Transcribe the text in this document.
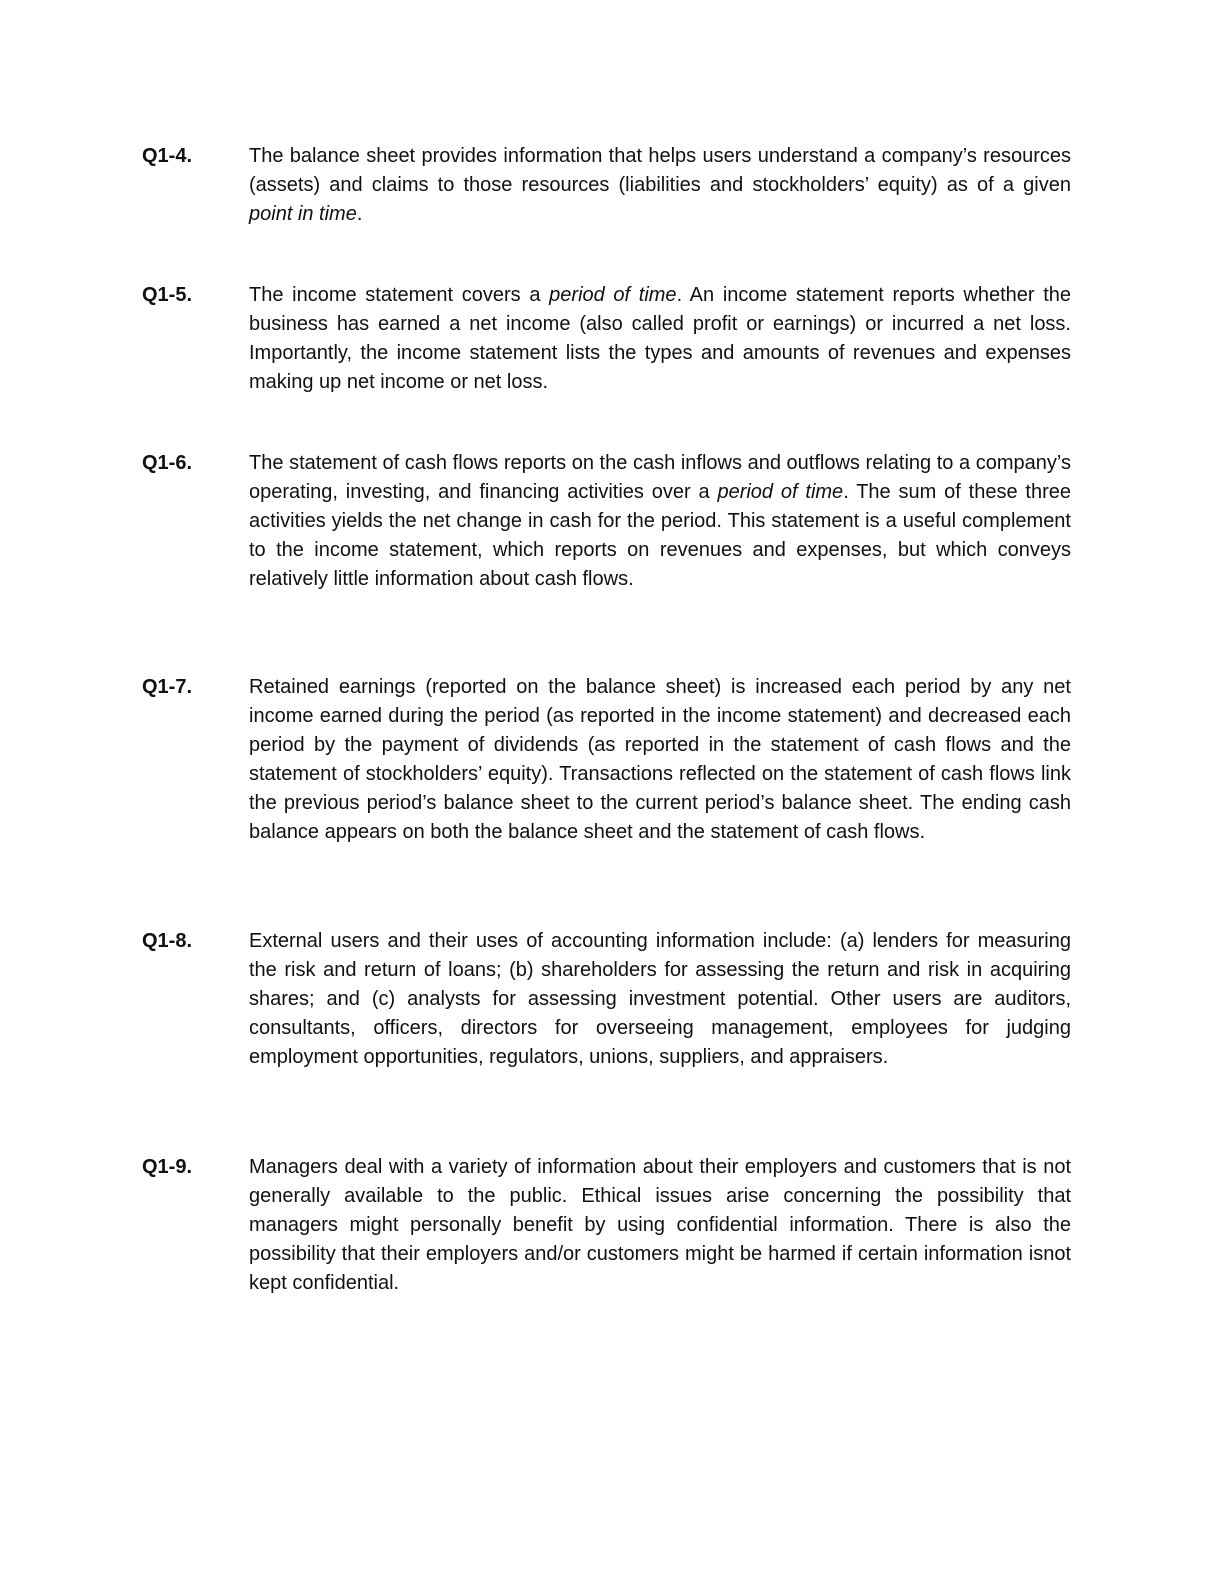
Q1-4.	The balance sheet provides information that helps users understand a company’s resources (assets) and claims to those resources (liabilities and stockholders’ equity) as of a given point in time.
Q1-5.	The income statement covers a period of time. An income statement reports whether the business has earned a net income (also called profit or earnings) or incurred a net loss. Importantly, the income statement lists the types and amounts of revenues and expenses making up net income or net loss.
Q1-6.	The statement of cash flows reports on the cash inflows and outflows relating to a company’s operating, investing, and financing activities over a period of time. The sum of these three activities yields the net change in cash for the period. This statement is a useful complement to the income statement, which reports on revenues and expenses, but which conveys relatively little information about cash flows.
Q1-7.	Retained earnings (reported on the balance sheet) is increased each period by any net income earned during the period (as reported in the income statement) and decreased each period by the payment of dividends (as reported in the statement of cash flows and the statement of stockholders’ equity). Transactions reflected on the statement of cash flows link the previous period’s balance sheet to the current period’s balance sheet. The ending cash balance appears on both the balance sheet and the statement of cash flows.
Q1-8.	External users and their uses of accounting information include: (a) lenders for measuring the risk and return of loans; (b) shareholders for assessing the return and risk in acquiring shares; and (c) analysts for assessing investment potential. Other users are auditors, consultants, officers, directors for overseeing management, employees for judging employment opportunities, regulators, unions, suppliers, and appraisers.
Q1-9.	Managers deal with a variety of information about their employers and customers that is not generally available to the public. Ethical issues arise concerning the possibility that managers might personally benefit by using confidential information. There is also the possibility that their employers and/or customers might be harmed if certain information isnot kept confidential.
